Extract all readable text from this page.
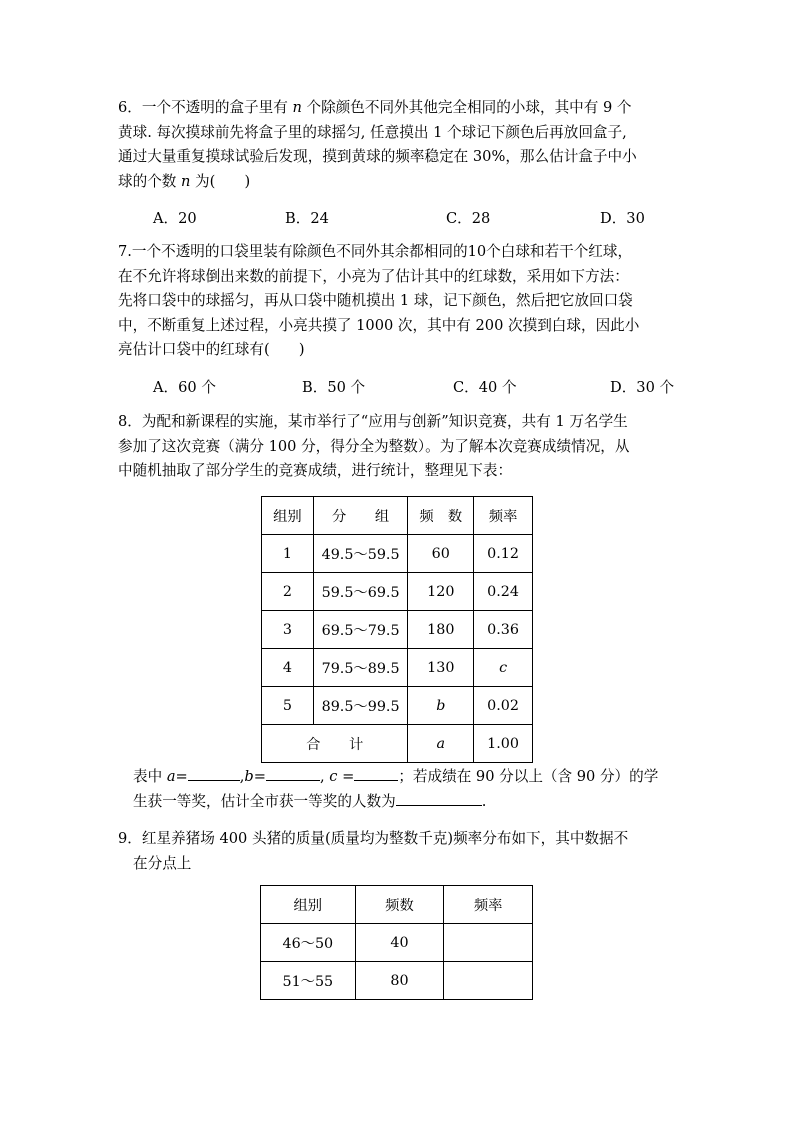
6．一个不透明的盒子里有 𝑛 个除颜色不同外其他完全相同的小球，其中有 9 个
黄球. 每次摸球前先将盒子里的球摇匀, 任意摸出 1 个球记下颜色后再放回盒子,
通过大量重复摸球试验后发现，摸到黄球的频率稳定在 30%，那么估计盒子中小
球的个数 𝑛 为(　　)
A．20	B．24	C．28	D．30
7.一个不透明的口袋里装有除颜色不同外其余都相同的10个白球和若干个红球，
在不允许将球倒出来数的前提下，小亮为了估计其中的红球数，采用如下方法：
先将口袋中的球摇匀，再从口袋中随机摸出 1 球，记下颜色，然后把它放回口袋
中，不断重复上述过程，小亮共摸了 1000 次，其中有 200 次摸到白球，因此小
亮估计口袋中的红球有(　　)
A．60 个	B．50 个	C．40 个	D．30 个
8．为配和新课程的实施，某市举行了“应用与创新”知识竞赛，共有 1 万名学生
参加了这次竞赛（满分 100 分，得分全为整数）。为了解本次竞赛成绩情况，从
中随机抽取了部分学生的竞赛成绩，进行统计，整理见下表：
组别	分　　组	频　数	频率
1	49.5～59.5	60	0.12
2	59.5～69.5	120	0.24
3	69.5～79.5	180	0.36
4	79.5～89.5	130	c
5	89.5～99.5	b	0.02
合　　计		a	1.00
表中 a=	,b=	, c =	；若成绩在 90 分以上（含 90 分）的学
生获一等奖，估计全市获一等奖的人数为	.
9．红星养猪场 400 头猪的质量(质量均为整数千克)频率分布如下，其中数据不
在分点上
组别	频数	频率
46～50	40	
51～55	80	
